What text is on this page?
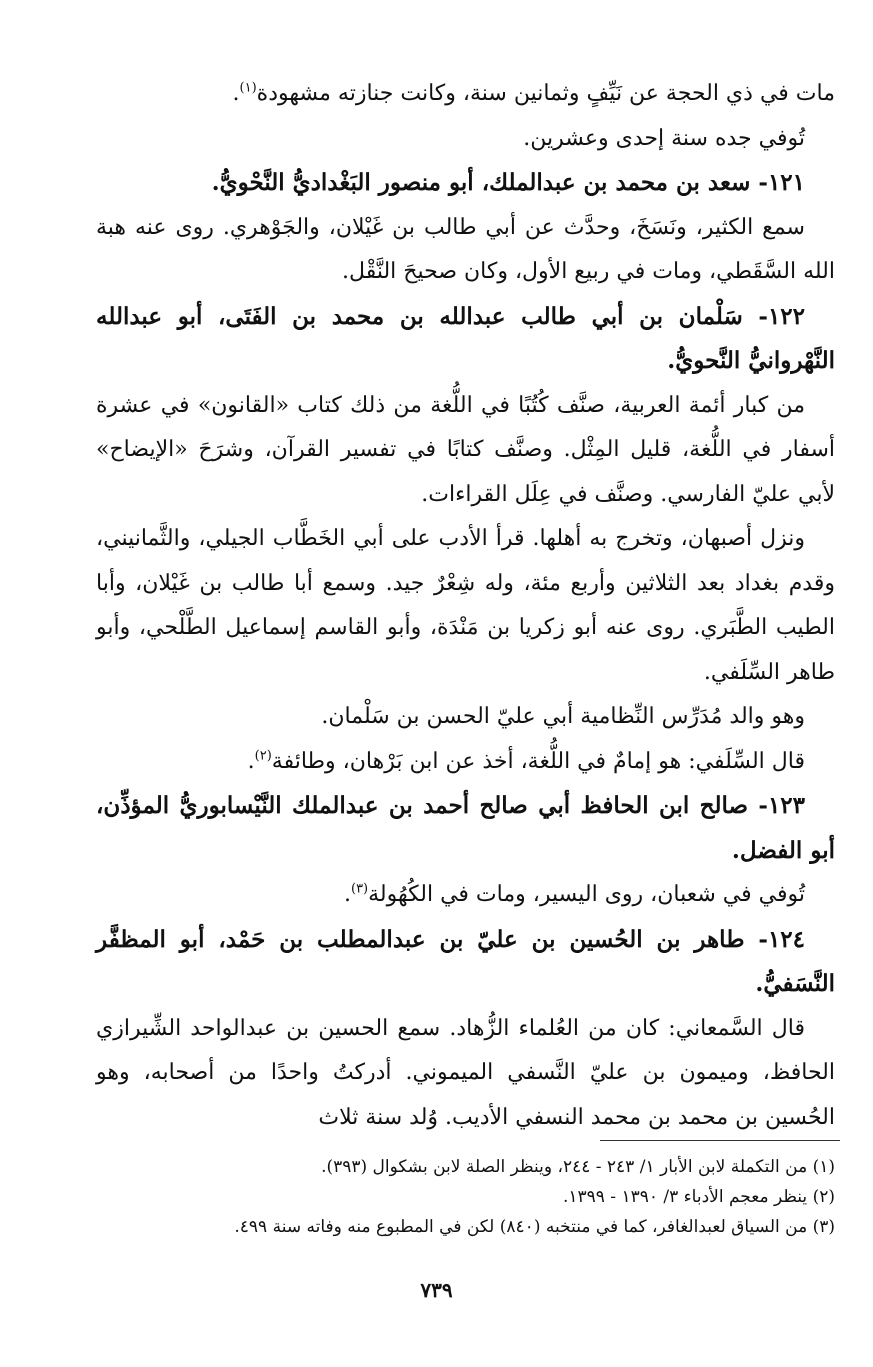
مات في ذي الحجة عن نَيِّفٍ وثمانين سنة، وكانت جنازته مشهودة$^{(١)}$.

تُوفي جده سنة إحدى وعشرين.

١٢١- سعد بن محمد بن عبدالملك، أبو منصور البَغْداديُّ النَّحْويُّ.

سمع الكثير، ونَسَخَ، وحدَّث عن أبي طالب بن غَيْلان، والجَوْهري. روى عنه هبة الله السَّقَطي، ومات في ربيع الأول، وكان صحيحَ النَّقْل.

١٢٢- سَلْمان بن أبي طالب عبدالله بن محمد بن الفَتَى، أبو عبدالله النَّهْروانيُّ النَّحويُّ.

من كبار أئمة العربية، صنَّف كُتُبًا في اللُّغة من ذلك كتاب «القانون» في عشرة أسفار في اللُّغة، قليل المِثْل. وصنَّف كتابًا في تفسير القرآن، وشرَحَ «الإيضاح» لأبي عليّ الفارسي. وصنَّف في عِلَل القراءات.

ونزل أصبهان، وتخرج به أهلها. قرأ الأدب على أبي الخَطَّاب الجيلي، والثَّمانيني، وقدم بغداد بعد الثلاثين وأربع مئة، وله شِعْرٌ جيد. وسمع أبا طالب بن غَيْلان، وأبا الطيب الطَّبَري. روى عنه أبو زكريا بن مَنْدَة، وأبو القاسم إسماعيل الطَّلْحي، وأبو طاهر السِّلَفي.

وهو والد مُدَرِّس النِّظامية أبي عليّ الحسن بن سَلْمان.

قال السِّلَفي: هو إمامٌ في اللُّغة، أخذ عن ابن بَرْهان، وطائفة$^{(٢)}$.

١٢٣- صالح ابن الحافظ أبي صالح أحمد بن عبدالملك النَّيْسابوريُّ المؤذِّن، أبو الفضل.

تُوفي في شعبان، روى اليسير، ومات في الكُهُولة$^{(٣)}$.

١٢٤- طاهر بن الحُسين بن عليّ بن عبدالمطلب بن حَمْد، أبو المظفَّر النَّسَفيُّ.

قال السَّمعاني: كان من العُلماء الزُّهاد. سمع الحسين بن عبدالواحد الشِّيرازي الحافظ، وميمون بن عليّ النَّسفي الميموني. أدركتُ واحدًا من أصحابه، وهو الحُسين بن محمد بن محمد النسفي الأديب. وُلد سنة ثلاث

(١) من التكملة لابن الأبار ١/ ٢٤٣ - ٢٤٤، وينظر الصلة لابن بشكوال (٣٩٣).

(٢) ينظر معجم الأدباء ٣/ ١٣٩٠ - ١٣٩٩.

(٣) من السياق لعبدالغافر، كما في منتخبه (٨٤٠) لكن في المطبوع منه وفاته سنة ٤٩٩.

٧٣٩
